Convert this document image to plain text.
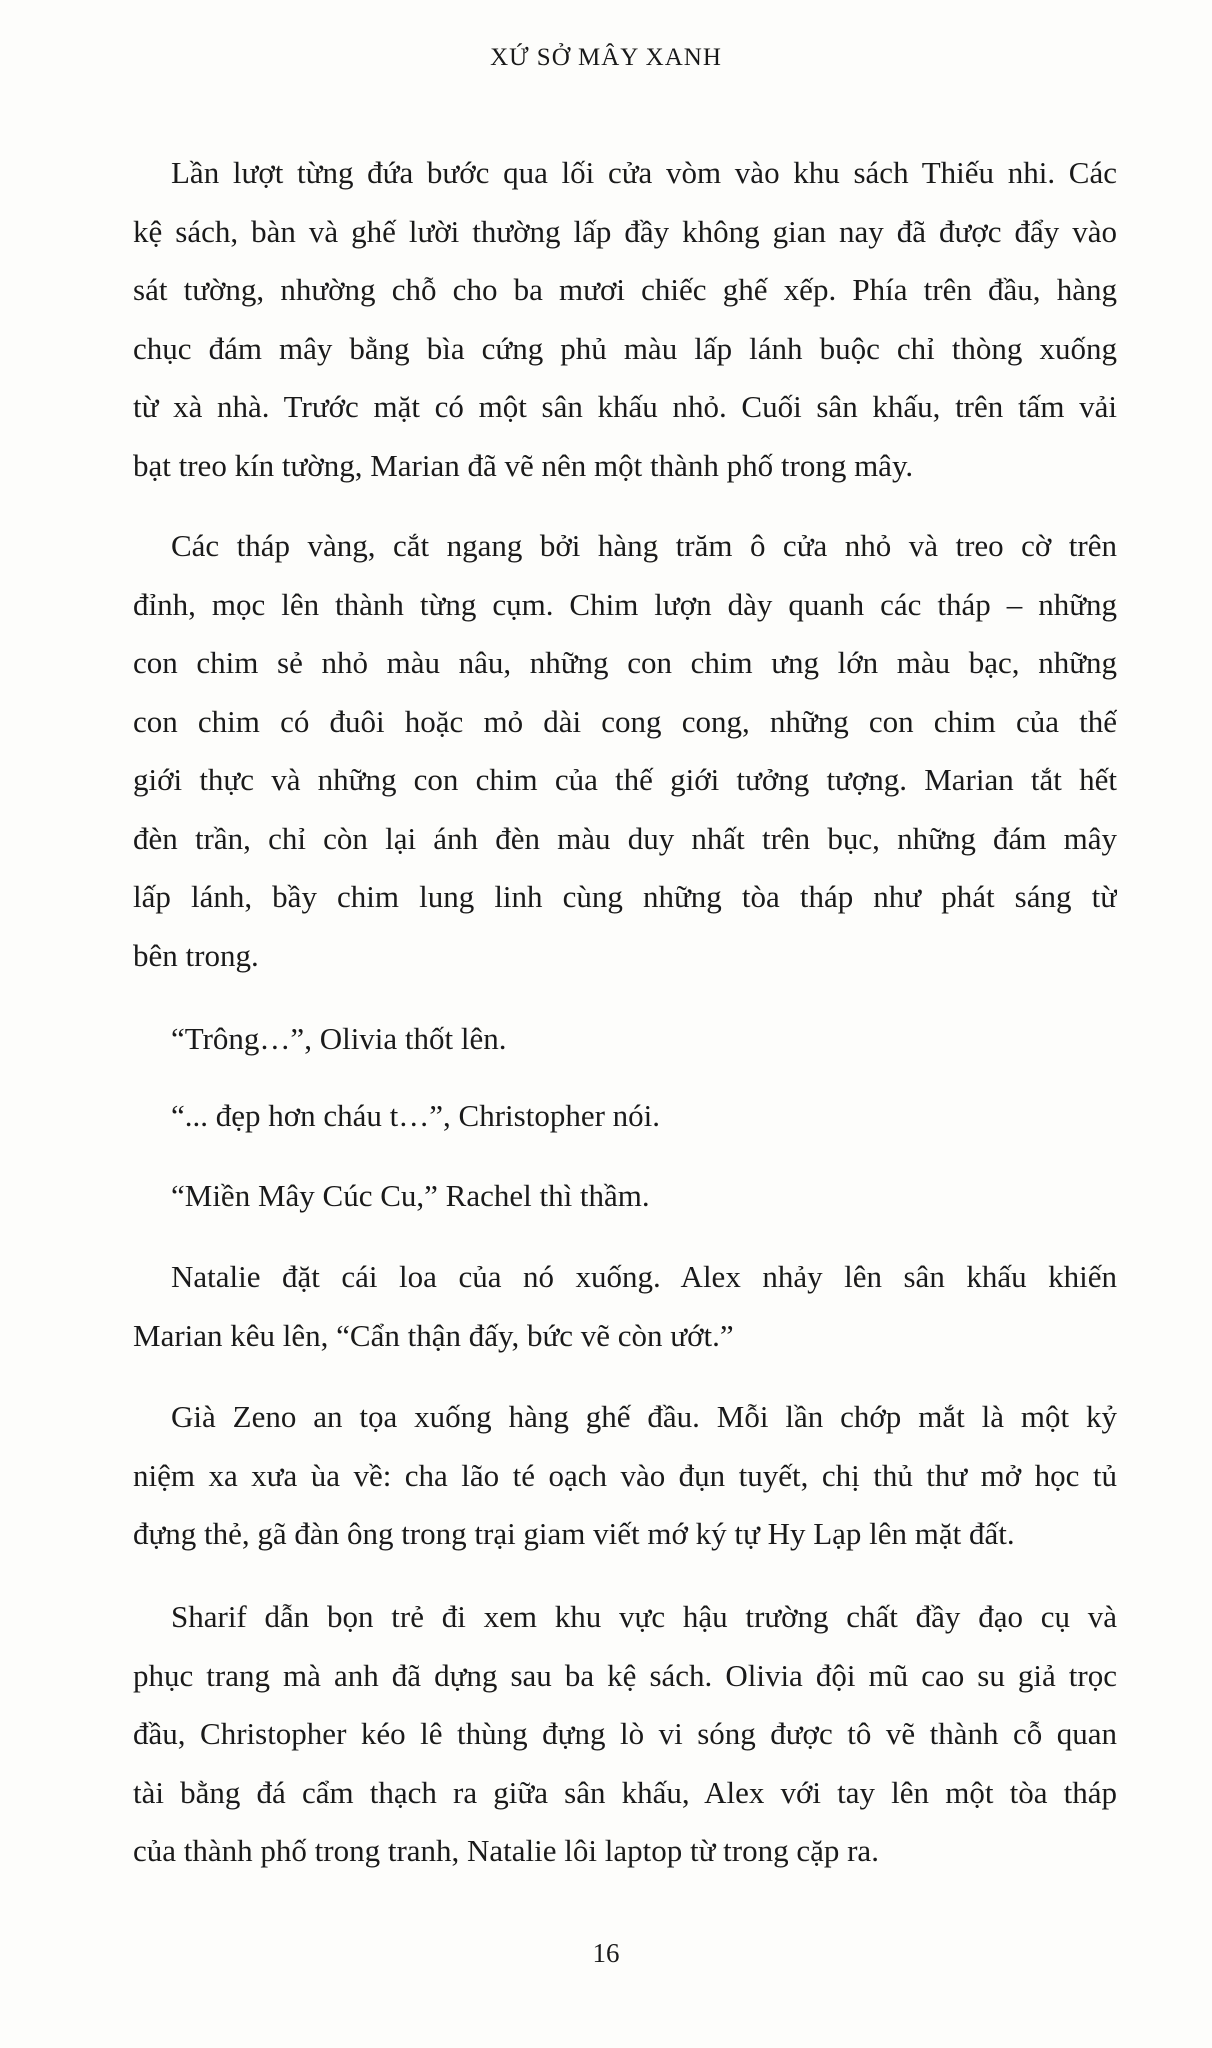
XỨ SỞ MÂY XANH
Lần lượt từng đứa bước qua lối cửa vòm vào khu sách Thiếu nhi. Các
kệ sách, bàn và ghế lười thường lấp đầy không gian nay đã được đẩy vào
sát tường, nhường chỗ cho ba mươi chiếc ghế xếp. Phía trên đầu, hàng
chục đám mây bằng bìa cứng phủ màu lấp lánh buộc chỉ thòng xuống
từ xà nhà. Trước mặt có một sân khấu nhỏ. Cuối sân khấu, trên tấm vải
bạt treo kín tường, Marian đã vẽ nên một thành phố trong mây.
Các tháp vàng, cắt ngang bởi hàng trăm ô cửa nhỏ và treo cờ trên
đỉnh, mọc lên thành từng cụm. Chim lượn dày quanh các tháp – những
con chim sẻ nhỏ màu nâu, những con chim ưng lớn màu bạc, những
con chim có đuôi hoặc mỏ dài cong cong, những con chim của thế
giới thực và những con chim của thế giới tưởng tượng. Marian tắt hết
đèn trần, chỉ còn lại ánh đèn màu duy nhất trên bục, những đám mây
lấp lánh, bầy chim lung linh cùng những tòa tháp như phát sáng từ
bên trong.
“Trông…”, Olivia thốt lên.
“... đẹp hơn cháu t…”, Christopher nói.
“Miền Mây Cúc Cu,” Rachel thì thầm.
Natalie đặt cái loa của nó xuống. Alex nhảy lên sân khấu khiến
Marian kêu lên, “Cẩn thận đấy, bức vẽ còn ướt.”
Già Zeno an tọa xuống hàng ghế đầu. Mỗi lần chớp mắt là một kỷ
niệm xa xưa ùa về: cha lão té oạch vào đụn tuyết, chị thủ thư mở học tủ
đựng thẻ, gã đàn ông trong trại giam viết mớ ký tự Hy Lạp lên mặt đất.
Sharif dẫn bọn trẻ đi xem khu vực hậu trường chất đầy đạo cụ và
phục trang mà anh đã dựng sau ba kệ sách. Olivia đội mũ cao su giả trọc
đầu, Christopher kéo lê thùng đựng lò vi sóng được tô vẽ thành cỗ quan
tài bằng đá cẩm thạch ra giữa sân khấu, Alex với tay lên một tòa tháp
của thành phố trong tranh, Natalie lôi laptop từ trong cặp ra.
16
